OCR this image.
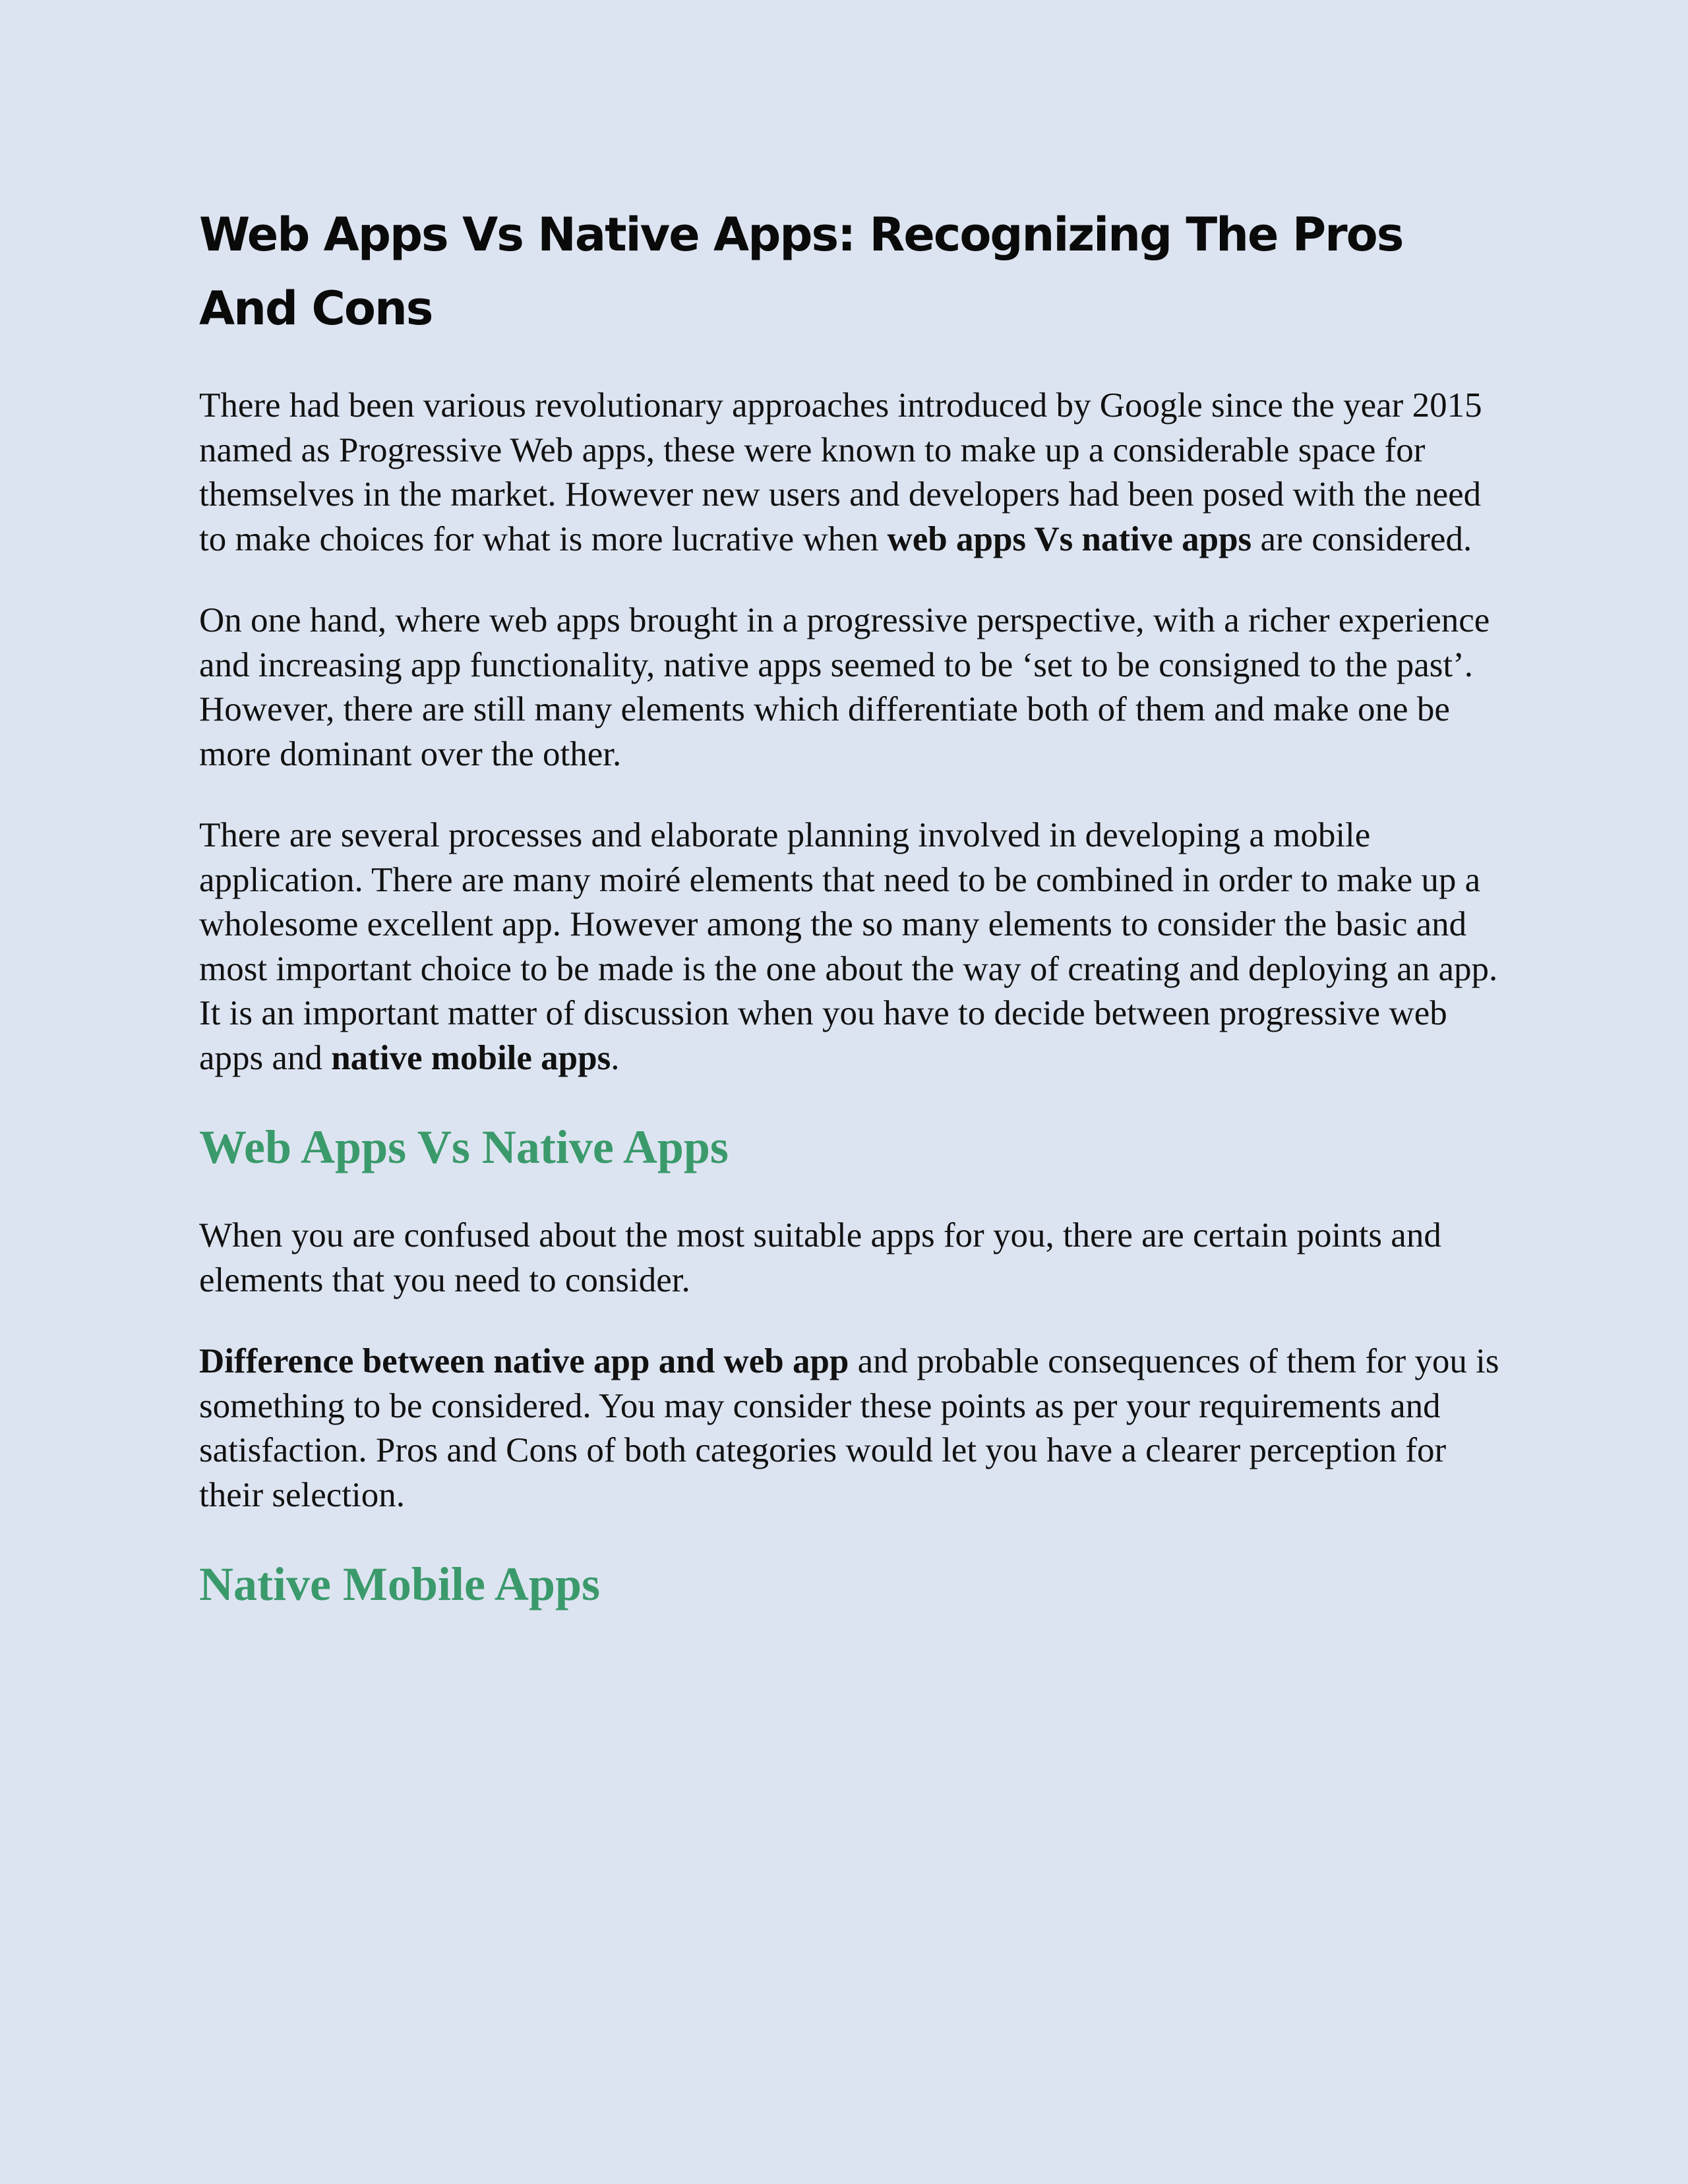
Web Apps Vs Native Apps: Recognizing The Pros And Cons

There had been various revolutionary approaches introduced by Google since the year 2015 named as Progressive Web apps, these were known to make up a considerable space for themselves in the market. However new users and developers had been posed with the need to make choices for what is more lucrative when web apps Vs native apps are considered.

On one hand, where web apps brought in a progressive perspective, with a richer experience and increasing app functionality, native apps seemed to be ‘set to be consigned to the past’. However, there are still many elements which differentiate both of them and make one be more dominant over the other.

There are several processes and elaborate planning involved in developing a mobile application. There are many moiré elements that need to be combined in order to make up a wholesome excellent app. However among the so many elements to consider the basic and most important choice to be made is the one about the way of creating and deploying an app. It is an important matter of discussion when you have to decide between progressive web apps and native mobile apps.

Web Apps Vs Native Apps

When you are confused about the most suitable apps for you, there are certain points and elements that you need to consider.

Difference between native app and web app and probable consequences of them for you is something to be considered. You may consider these points as per your requirements and satisfaction. Pros and Cons of both categories would let you have a clearer perception for their selection.

Native Mobile Apps
